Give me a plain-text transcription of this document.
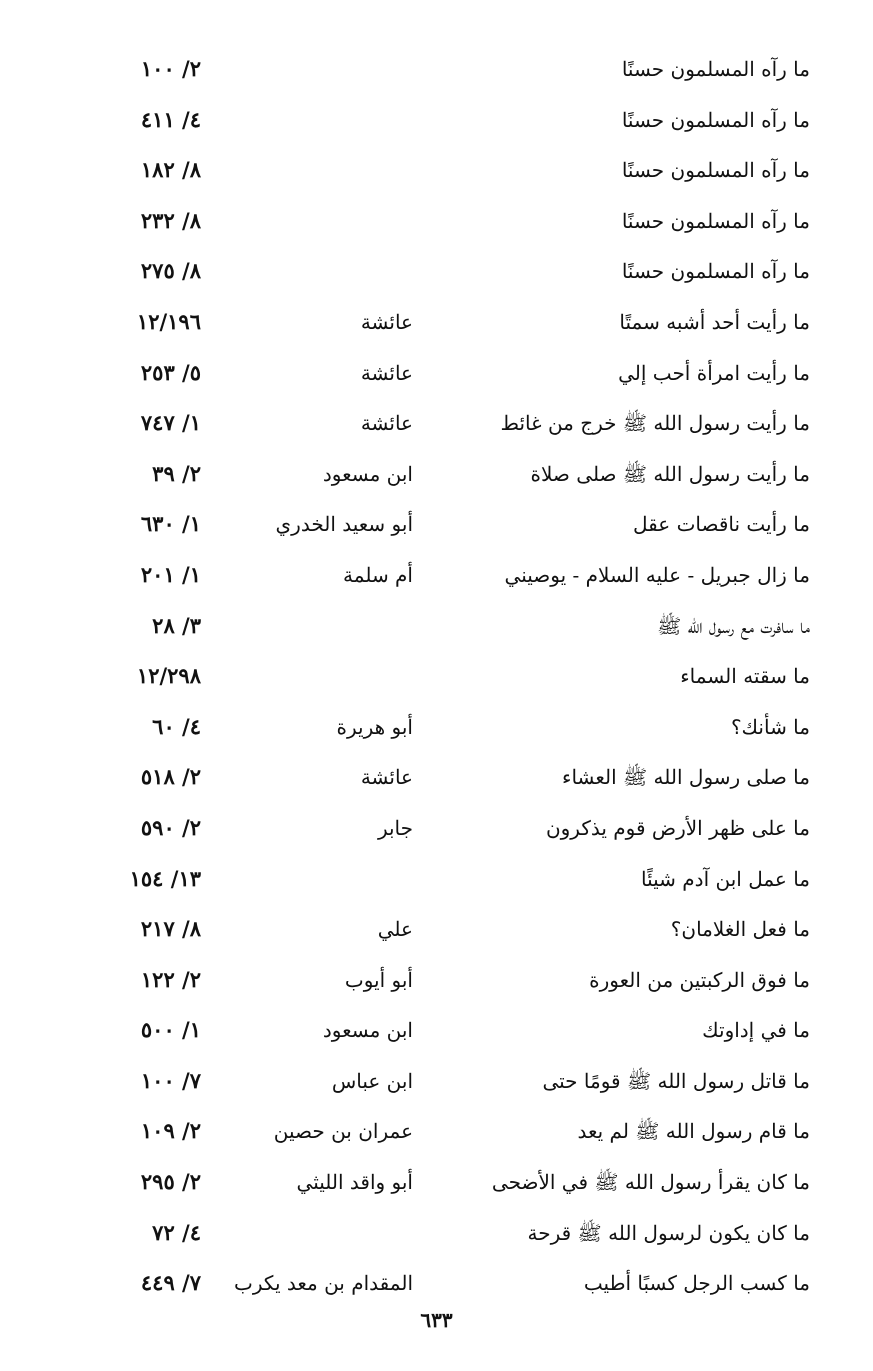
ما رآه المسلمون حسنًا
٢/ ١٠٠
ما رآه المسلمون حسنًا
٤/ ٤١١
ما رآه المسلمون حسنًا
٨/ ١٨٢
ما رآه المسلمون حسنًا
٨/ ٢٣٢
ما رآه المسلمون حسنًا
٨/ ٢٧٥
ما رأيت أحد أشبه سمتًا
عائشة
١٢/١٩٦
ما رأيت امرأة أحب إلي
عائشة
٥/ ٢٥٣
ما رأيت رسول الله ﷺ خرج من غائط
عائشة
١/ ٧٤٧
ما رأيت رسول الله ﷺ صلى صلاة
ابن مسعود
٢/ ٣٩
ما رأيت ناقصات عقل
أبو سعيد الخدري
١/ ٦٣٠
ما زال جبريل - عليه السلام - يوصيني
أم سلمة
١/ ٢٠١
ما سافرت مع رسول الله ﷺ
٣/ ٢٨
ما سقته السماء
١٢/٢٩٨
ما شأنك؟
أبو هريرة
٤/ ٦٠
ما صلى رسول الله ﷺ العشاء
عائشة
٢/ ٥١٨
ما على ظهر الأرض قوم يذكرون
جابر
٢/ ٥٩٠
ما عمل ابن آدم شيئًا
١٣/ ١٥٤
ما فعل الغلامان؟
علي
٨/ ٢١٧
ما فوق الركبتين من العورة
أبو أيوب
٢/ ١٢٢
ما في إداوتك
ابن مسعود
١/ ٥٠٠
ما قاتل رسول الله ﷺ قومًا حتى
ابن عباس
٧/ ١٠٠
ما قام رسول الله ﷺ لم يعد
عمران بن حصين
٢/ ١٠٩
ما كان يقرأ رسول الله ﷺ في الأضحى
أبو واقد الليثي
٢/ ٢٩٥
ما كان يكون لرسول الله ﷺ قرحة
٤/ ٧٢
ما كسب الرجل كسبًا أطيب
المقدام بن معد يكرب
٧/ ٤٤٩
٦٣٣
